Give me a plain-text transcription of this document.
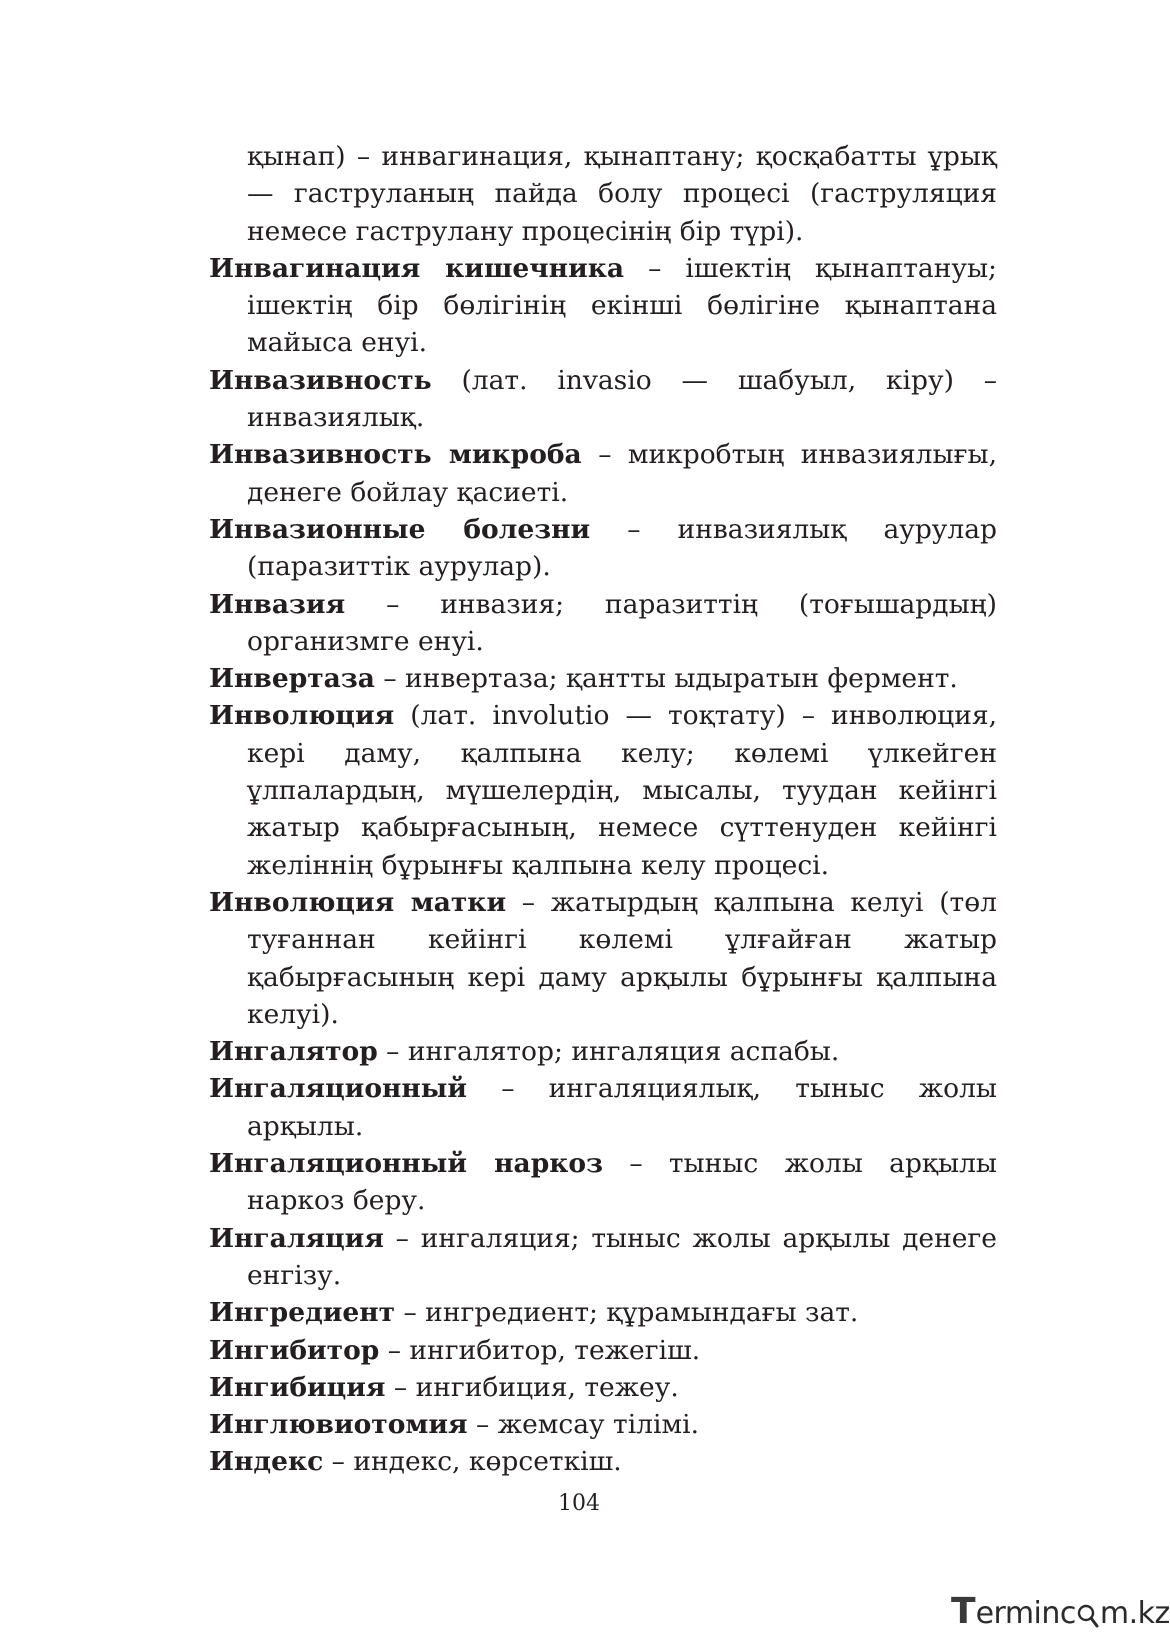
қынап) – инвагинация, қынаптану; қосқабатты ұрық — гаструланың пайда болу процесі (гаструляция немесе гаструлану процесінің бір түрі).

Инвагинация кишечника – ішектің қынаптануы; ішектің бір бөлігінің екінші бөлігіне қынаптана майыса енуі.

Инвазивность (лат. invasio — шабуыл, кіру) – инвазиялық.

Инвазивность микроба – микробтың инвазиялығы, денеге бойлау қасиеті.

Инвазионные болезни – инвазиялық аурулар (паразиттік аурулар).

Инвазия – инвазия; паразиттің (тоғышардың) организмге енуі.

Инвертаза – инвертаза; қантты ыдыратын фермент.

Инволюция (лат. involutio — тоқтату) – инволюция, кері даму, қалпына келу; көлемі үлкейген ұлпалардың, мүшелердің, мысалы, туудан кейінгі жатыр қабырғасының, немесе сүттенуден кейінгі желіннің бұрынғы қалпына келу процесі.

Инволюция матки – жатырдың қалпына келуі (төл туғаннан кейінгі көлемі ұлғайған жатыр қабырғасының кері даму арқылы бұрынғы қалпына келуі).

Ингалятор – ингалятор; ингаляция аспабы.

Ингаляционный – ингаляциялық, тыныс жолы арқылы.

Ингаляционный наркоз – тыныс жолы арқылы наркоз беру.

Ингаляция – ингаляция; тыныс жолы арқылы денеге енгізу.

Ингредиент – ингредиент; құрамындағы зат.

Ингибитор – ингибитор, тежегіш.

Ингибиция – ингибиция, тежеу.

Инглювиотомия – жемсау тілімі.

Индекс – индекс, көрсеткіш.

104
Terminc m.kz
